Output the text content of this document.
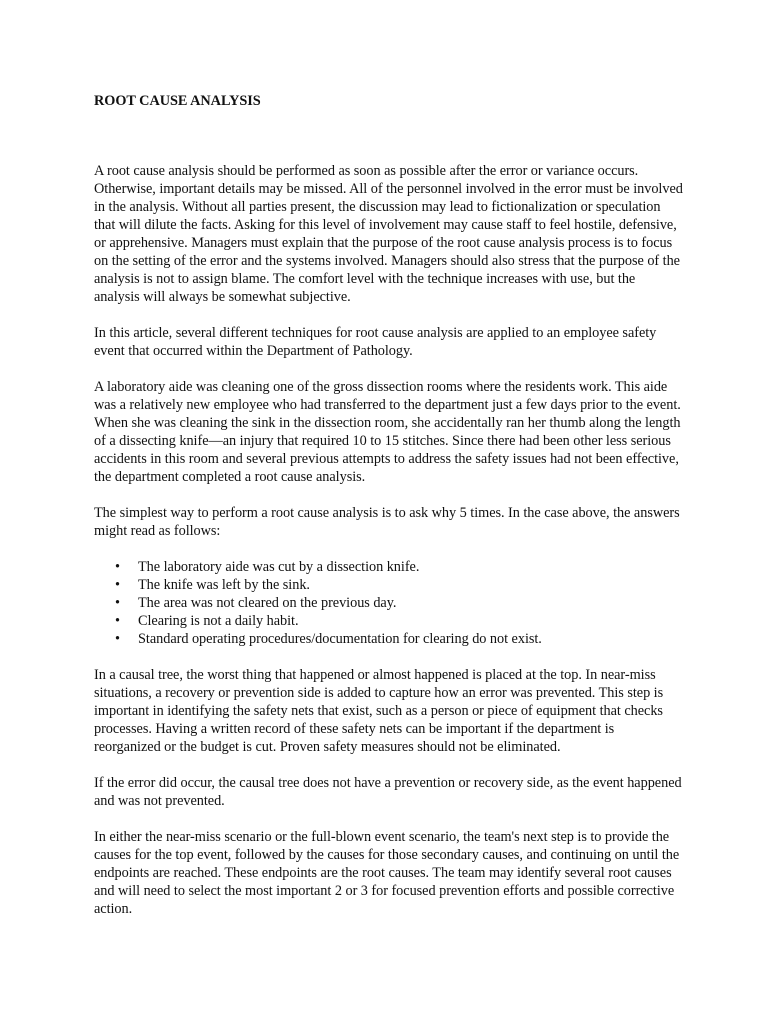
ROOT CAUSE ANALYSIS

A root cause analysis should be performed as soon as possible after the error or variance occurs. Otherwise, important details may be missed. All of the personnel involved in the error must be involved in the analysis. Without all parties present, the discussion may lead to fictionalization or speculation that will dilute the facts. Asking for this level of involvement may cause staff to feel hostile, defensive, or apprehensive. Managers must explain that the purpose of the root cause analysis process is to focus on the setting of the error and the systems involved. Managers should also stress that the purpose of the analysis is not to assign blame. The comfort level with the technique increases with use, but the analysis will always be somewhat subjective.

In this article, several different techniques for root cause analysis are applied to an employee safety event that occurred within the Department of Pathology.

A laboratory aide was cleaning one of the gross dissection rooms where the residents work. This aide was a relatively new employee who had transferred to the department just a few days prior to the event. When she was cleaning the sink in the dissection room, she accidentally ran her thumb along the length of a dissecting knife—an injury that required 10 to 15 stitches. Since there had been other less serious accidents in this room and several previous attempts to address the safety issues had not been effective, the department completed a root cause analysis.

The simplest way to perform a root cause analysis is to ask why 5 times. In the case above, the answers might read as follows:

• The laboratory aide was cut by a dissection knife.
• The knife was left by the sink.
• The area was not cleared on the previous day.
• Clearing is not a daily habit.
• Standard operating procedures/documentation for clearing do not exist.

In a causal tree, the worst thing that happened or almost happened is placed at the top. In near-miss situations, a recovery or prevention side is added to capture how an error was prevented. This step is important in identifying the safety nets that exist, such as a person or piece of equipment that checks processes. Having a written record of these safety nets can be important if the department is reorganized or the budget is cut. Proven safety measures should not be eliminated.

If the error did occur, the causal tree does not have a prevention or recovery side, as the event happened and was not prevented.

In either the near-miss scenario or the full-blown event scenario, the team's next step is to provide the causes for the top event, followed by the causes for those secondary causes, and continuing on until the endpoints are reached. These endpoints are the root causes. The team may identify several root causes and will need to select the most important 2 or 3 for focused prevention efforts and possible corrective action.
